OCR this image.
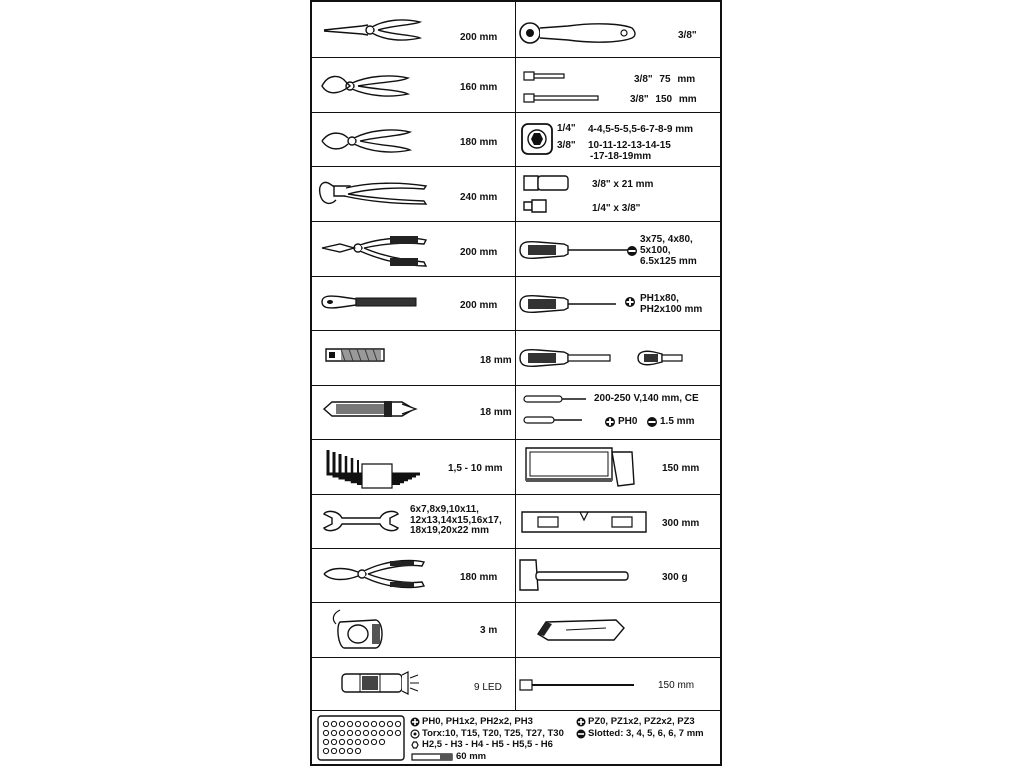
200 mm
160 mm
180 mm
240 mm
200 mm
200 mm
18 mm
18 mm
1,5 - 10 mm
6x7,8x9,10x11,
12x13,14x15,16x17,
18x19,20x22 mm
180 mm
3 m
9 LED
3/8"
3/8" 75 mm
3/8" 150 mm
1/4"
3/8"
4-4,5-5-5,5-6-7-8-9 mm
10-11-12-13-14-15
-17-18-19mm
3/8" x 21 mm
1/4" x 3/8"
3x75, 4x80,
5x100,
6.5x125 mm
PH1x80,
PH2x100 mm
200-250 V,140 mm, CE
PH0 1.5 mm
150 mm
300 mm
300 g
150 mm
60 mm
PH0, PH1x2, PH2x2, PH3	PZ0, PZ1x2, PZ2x2, PZ3
Torx:10, T15, T20, T25, T27, T30	Slotted: 3, 4, 5, 6, 6, 7 mm
H2,5 - H3 - H4 - H5 - H5,5 - H6
